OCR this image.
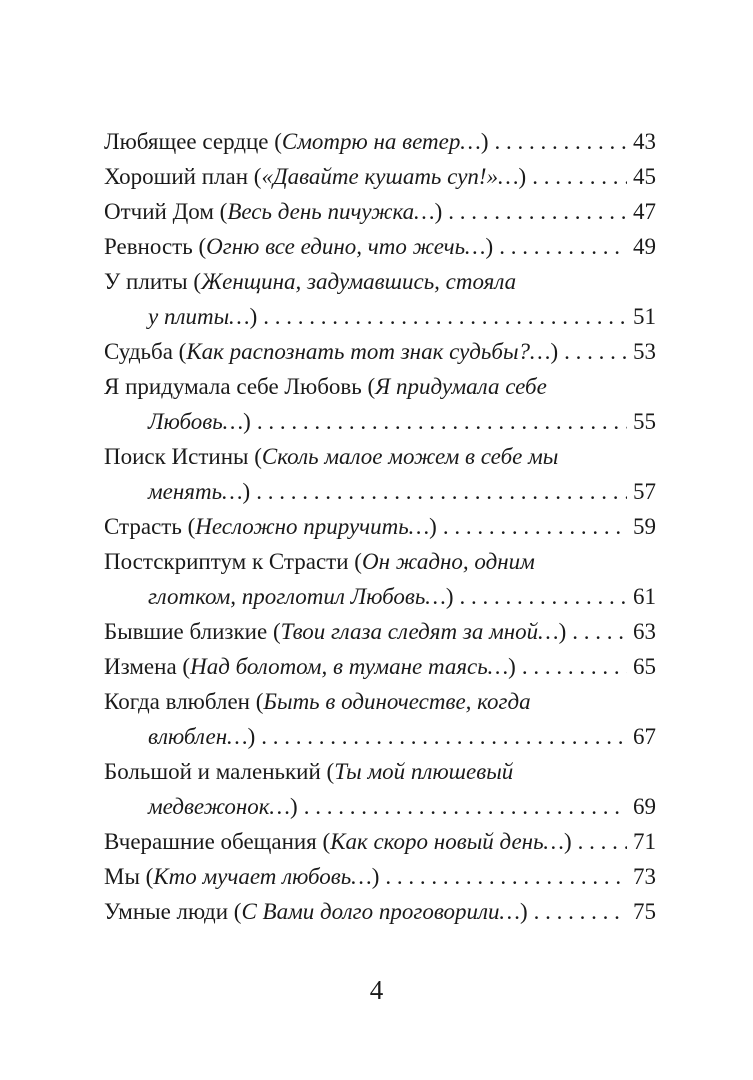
Любящее сердце ( Смотрю на ветер… ) . . .	43
Хороший план ( «Давайте кушать суп!»… ) . . .	45
Отчий Дом ( Весь день пичужка… ) . . .	47
Ревность ( Огню все едино, что жечь… ) . . .	49
У плиты ( Женщина, задумавшись, стояла
у плиты… ) . . .	51
Судьба ( Как распознать тот знак судьбы?… ) . . .	53
Я придумала себе Любовь ( Я придумала себе
Любовь… ) . . .	55
Поиск Истины ( Сколь малое можем в себе мы
менять… ) . . .	57
Страсть ( Несложно приручить… ) . . .	59
Постскриптум к Страсти ( Он жадно, одним
глотком, проглотил Любовь… ) . . .	61
Бывшие близкие ( Твои глаза следят за мной… ) . . .	63
Измена ( Над болотом, в тумане таясь… ) . . .	65
Когда влюблен ( Быть в одиночестве, когда
влюблен… ) . . .	67
Большой и маленький ( Ты мой плюшевый
медвежонок… ) . . .	69
Вчерашние обещания ( Как скоро новый день… ) . . .	71
Мы ( Кто мучает любовь… ) . . .	73
Умные люди ( С Вами долго проговорили… ) . . .	75
4
